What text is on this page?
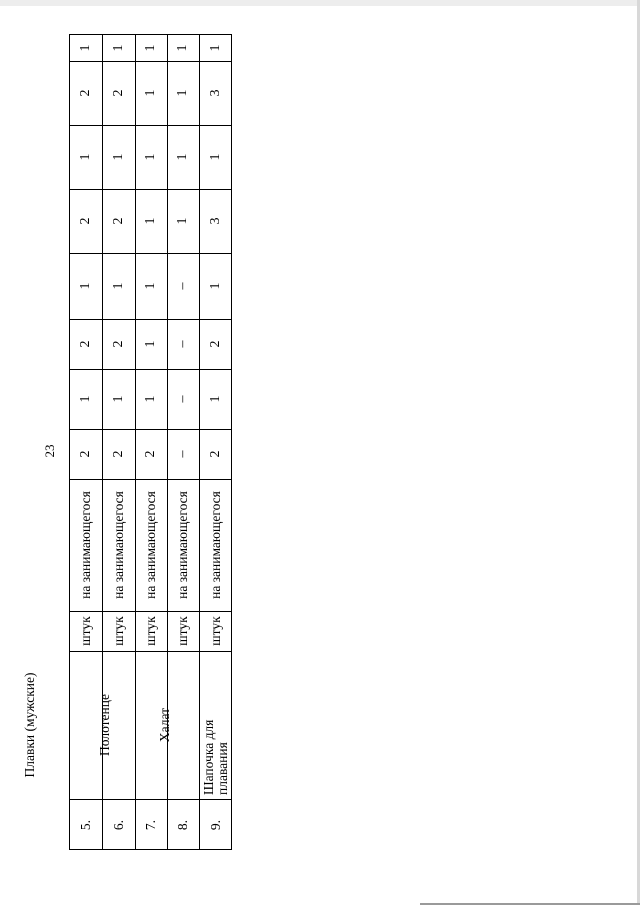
23
1
2
1
2
1
2
1
2
на занимающегося
штук
5.
1
2
1
2
1
2
1
2
на занимающегося
штук
Плавки (мужские)
6.
1
1
1
1
1
1
1
2
на занимающегося
штук
Полотенце
7.
1
1
1
1
–
–
–
–
на занимающегося
штук
Халат
8.
1
3
1
3
1
2
1
2
на занимающегося
штук
Шапочка для плавания
9.
